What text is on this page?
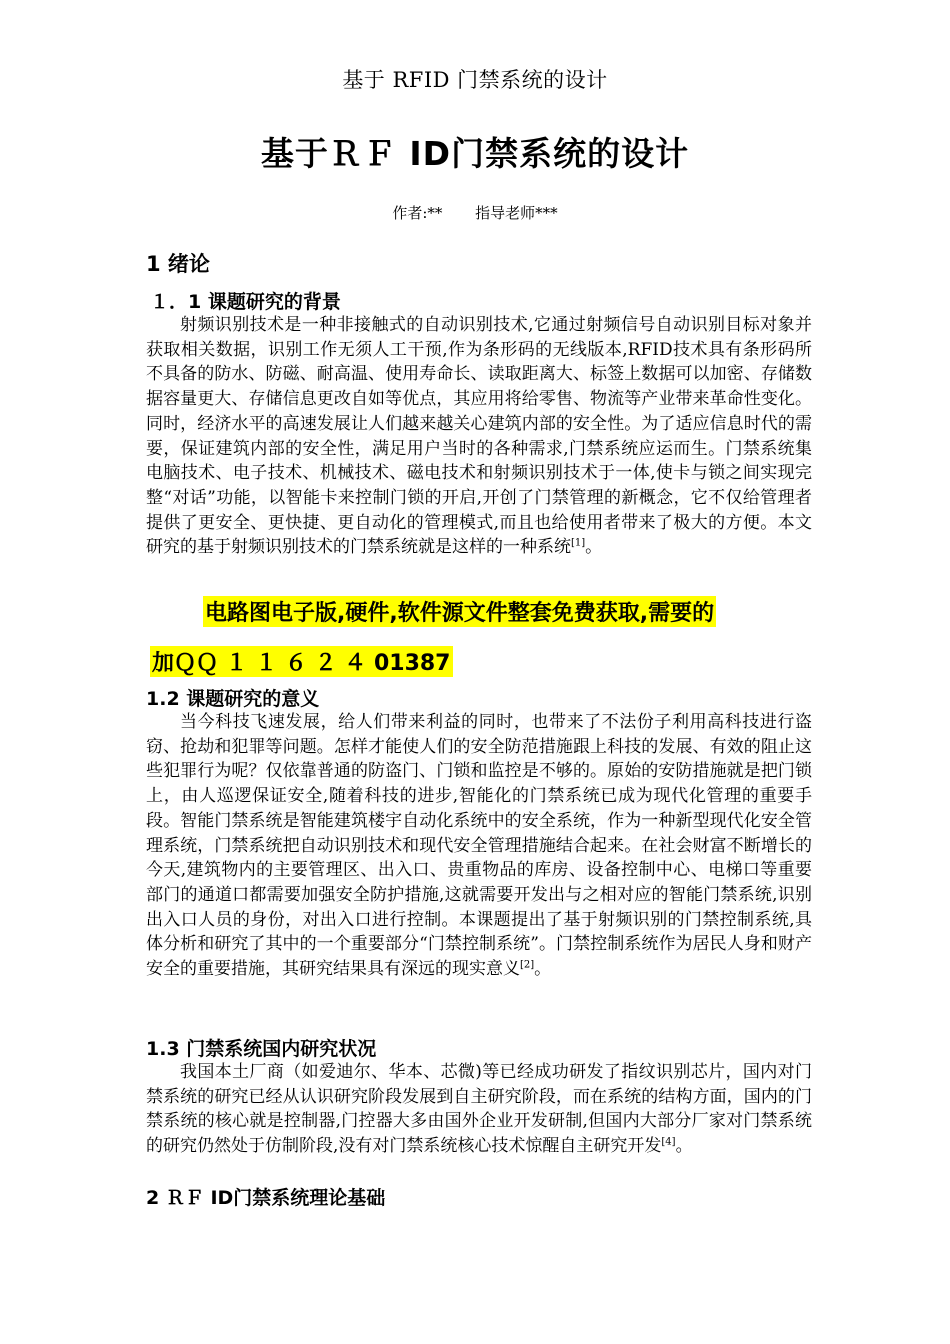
基于 RFID 门禁系统的设计
基于ＲＦ ID门禁系统的设计
作者:** 指导老师***
1 绪论
１．1 课题研究的背景
射频识别技术是一种非接触式的自动识别技术,它通过射频信号自动识别目标对象并获取相关数据，识别工作无须人工干预,作为条形码的无线版本,RFID技术具有条形码所不具备的防水、防磁、耐高温、使用寿命长、读取距离大、标签上数据可以加密、存储数据容量更大、存储信息更改自如等优点，其应用将给零售、物流等产业带来革命性变化。同时，经济水平的高速发展让人们越来越关心建筑内部的安全性。为了适应信息时代的需要，保证建筑内部的安全性，满足用户当时的各种需求,门禁系统应运而生。门禁系统集电脑技术、电子技术、机械技术、磁电技术和射频识别技术于一体,使卡与锁之间实现完整“对话”功能，以智能卡来控制门锁的开启,开创了门禁管理的新概念，它不仅给管理者提供了更安全、更快捷、更自动化的管理模式,而且也给使用者带来了极大的方便。本文研究的基于射频识别技术的门禁系统就是这样的一种系统[1]。
电路图电子版,硬件,软件源文件整套免费获取,需要的
加ＱＱ １ １ ６ ２ ４ 01387
1.2 课题研究的意义
当今科技飞速发展，给人们带来利益的同时，也带来了不法份子利用高科技进行盗窃、抢劫和犯罪等问题。怎样才能使人们的安全防范措施跟上科技的发展、有效的阻止这些犯罪行为呢？仅依靠普通的防盗门、门锁和监控是不够的。原始的安防措施就是把门锁上，由人巡逻保证安全,随着科技的进步,智能化的门禁系统已成为现代化管理的重要手段。智能门禁系统是智能建筑楼宇自动化系统中的安全系统，作为一种新型现代化安全管理系统，门禁系统把自动识别技术和现代安全管理措施结合起来。在社会财富不断增长的今天,建筑物内的主要管理区、出入口、贵重物品的库房、设备控制中心、电梯口等重要部门的通道口都需要加强安全防护措施,这就需要开发出与之相对应的智能门禁系统,识别出入口人员的身份，对出入口进行控制。本课题提出了基于射频识别的门禁控制系统,具体分析和研究了其中的一个重要部分“门禁控制系统”。门禁控制系统作为居民人身和财产安全的重要措施，其研究结果具有深远的现实意义[2]。
1.3 门禁系统国内研究状况
我国本土厂商（如爱迪尔、华本、芯微)等已经成功研发了指纹识别芯片，国内对门禁系统的研究已经从认识研究阶段发展到自主研究阶段，而在系统的结构方面，国内的门禁系统的核心就是控制器,门控器大多由国外企业开发研制,但国内大部分厂家对门禁系统的研究仍然处于仿制阶段,没有对门禁系统核心技术惊醒自主研究开发[4]。
2 ＲＦ ID门禁系统理论基础
